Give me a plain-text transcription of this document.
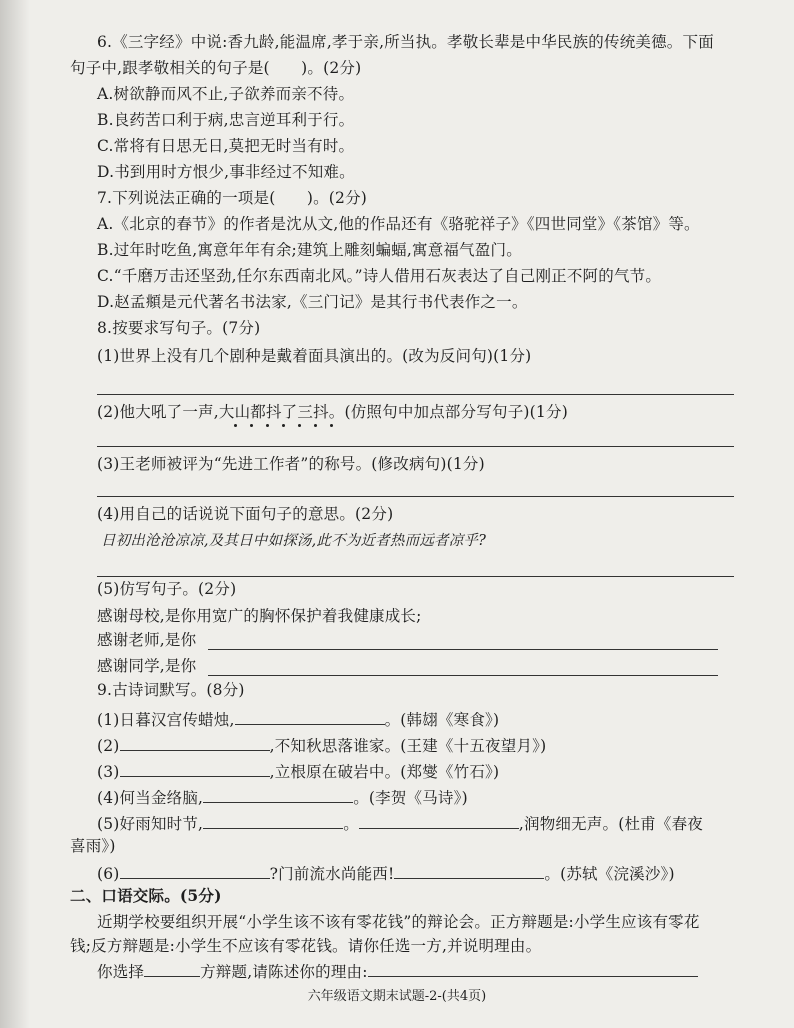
6.《三字经》中说:香九龄,能温席,孝于亲,所当执。孝敬长辈是中华民族的传统美德。下面
句子中,跟孝敬相关的句子是(　　)。(2分)
A.树欲静而风不止,子欲养而亲不待。
B.良药苦口利于病,忠言逆耳利于行。
C.常将有日思无日,莫把无时当有时。
D.书到用时方恨少,事非经过不知难。
7.下列说法正确的一项是(　　)。(2分)
A.《北京的春节》的作者是沈从文,他的作品还有《骆驼祥子》《四世同堂》《茶馆》等。
B.过年时吃鱼,寓意年年有余;建筑上雕刻蝙蝠,寓意福气盈门。
C.“千磨万击还坚劲,任尔东西南北风。”诗人借用石灰表达了自己刚正不阿的气节。
D.赵孟頫是元代著名书法家,《三门记》是其行书代表作之一。
8.按要求写句子。(7分)
(1)世界上没有几个剧种是戴着面具演出的。(改为反问句)(1分)
(2)他大吼了一声,大山都抖了三抖。(仿照句中加点部分写句子)(1分)
(3)王老师被评为“先进工作者”的称号。(修改病句)(1分)
(4)用自己的话说说下面句子的意思。(2分)
日初出沧沧凉凉,及其日中如探汤,此不为近者热而远者凉乎?
(5)仿写句子。(2分)
感谢母校,是你用宽广的胸怀保护着我健康成长;
感谢老师,是你
感谢同学,是你
9.古诗词默写。(8分)
(1)日暮汉宫传蜡烛,	。(韩翃《寒食》)
(2)	,不知秋思落谁家。(王建《十五夜望月》)
(3)	,立根原在破岩中。(郑燮《竹石》)
(4)何当金络脑,	。(李贺《马诗》)
(5)好雨知时节,	。	,润物细无声。(杜甫《春夜
喜雨》)
(6)	?门前流水尚能西!	。(苏轼《浣溪沙》)
二、口语交际。(5分)
近期学校要组织开展“小学生该不该有零花钱”的辩论会。正方辩题是:小学生应该有零花
钱;反方辩题是:小学生不应该有零花钱。请你任选一方,并说明理由。
你选择	方辩题,请陈述你的理由:
六年级语文期末试题-2-(共4页)
